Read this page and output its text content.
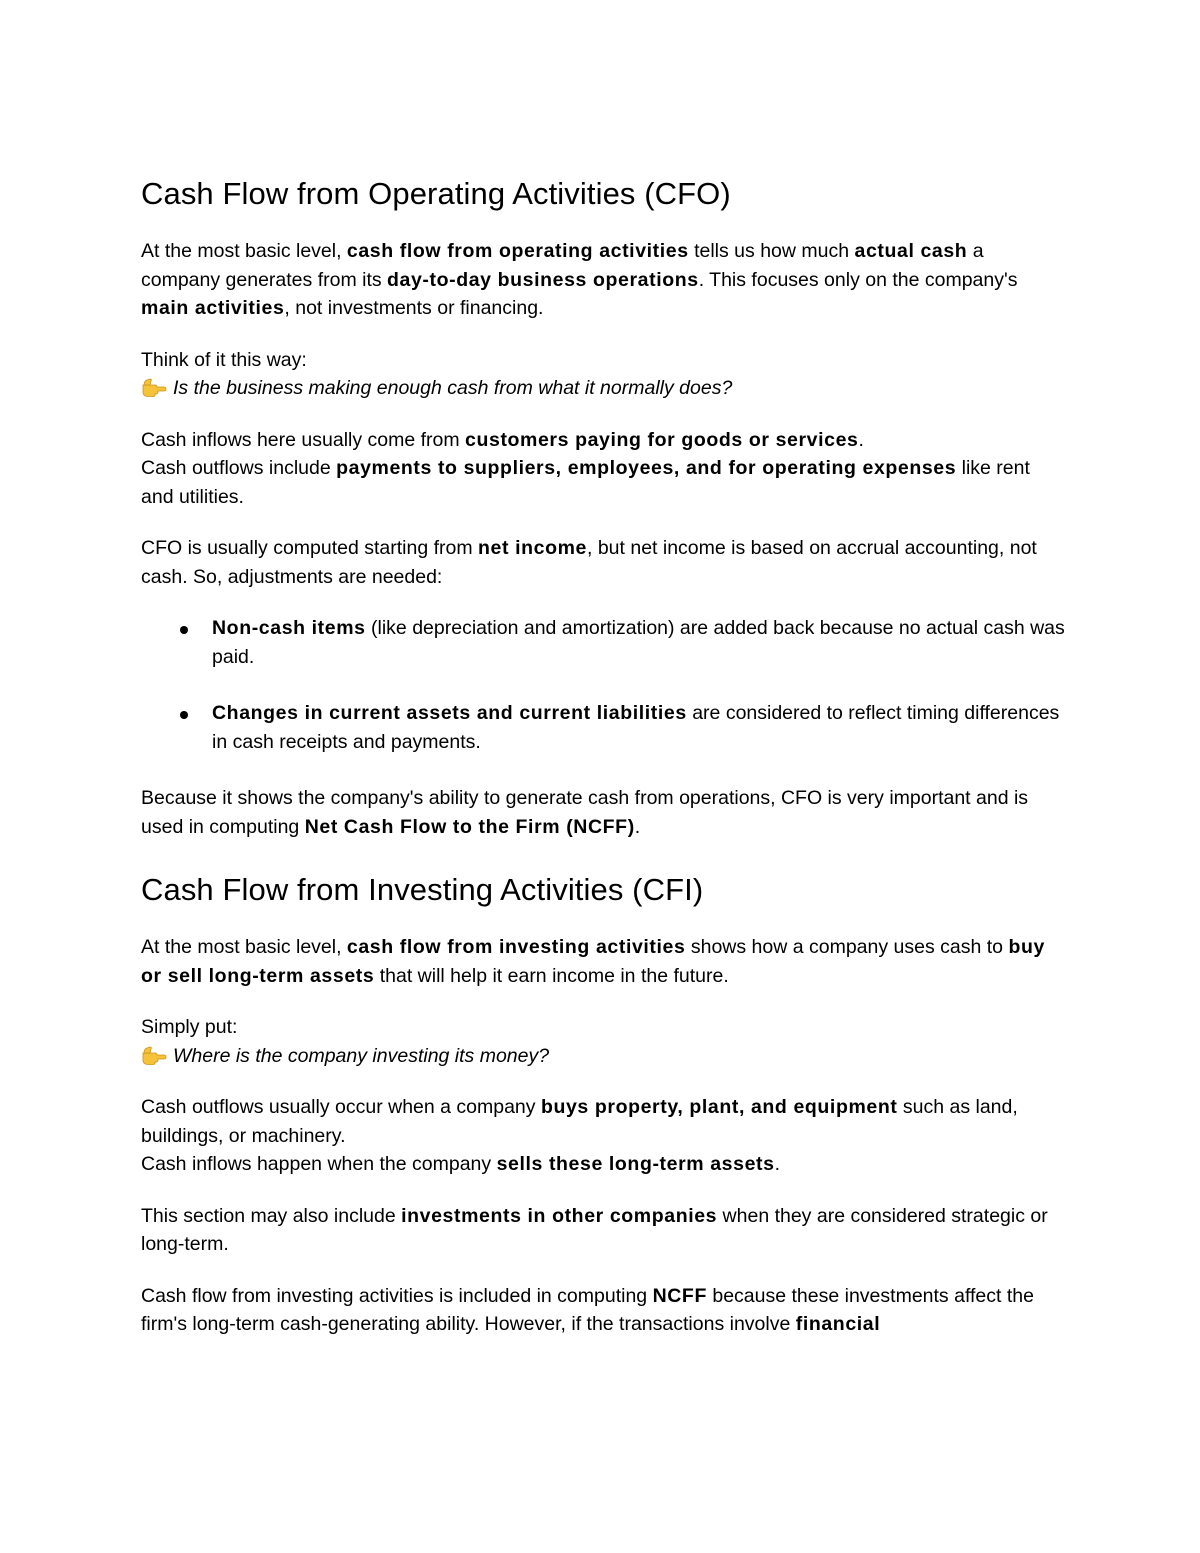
Cash Flow from Operating Activities (CFO)

At the most basic level, cash flow from operating activities tells us how much actual cash a company generates from its day-to-day business operations. This focuses only on the company's main activities, not investments or financing.

Think of it this way:
Is the business making enough cash from what it normally does?

Cash inflows here usually come from customers paying for goods or services.
Cash outflows include payments to suppliers, employees, and for operating expenses like rent and utilities.

CFO is usually computed starting from net income, but net income is based on accrual accounting, not cash. So, adjustments are needed:

Non-cash items (like depreciation and amortization) are added back because no actual cash was paid.
Changes in current assets and current liabilities are considered to reflect timing differences in cash receipts and payments.

Because it shows the company's ability to generate cash from operations, CFO is very important and is used in computing Net Cash Flow to the Firm (NCFF).

Cash Flow from Investing Activities (CFI)

At the most basic level, cash flow from investing activities shows how a company uses cash to buy or sell long-term assets that will help it earn income in the future.

Simply put:
Where is the company investing its money?

Cash outflows usually occur when a company buys property, plant, and equipment such as land, buildings, or machinery.
Cash inflows happen when the company sells these long-term assets.

This section may also include investments in other companies when they are considered strategic or long-term.

Cash flow from investing activities is included in computing NCFF because these investments affect the firm's long-term cash-generating ability. However, if the transactions involve financial
